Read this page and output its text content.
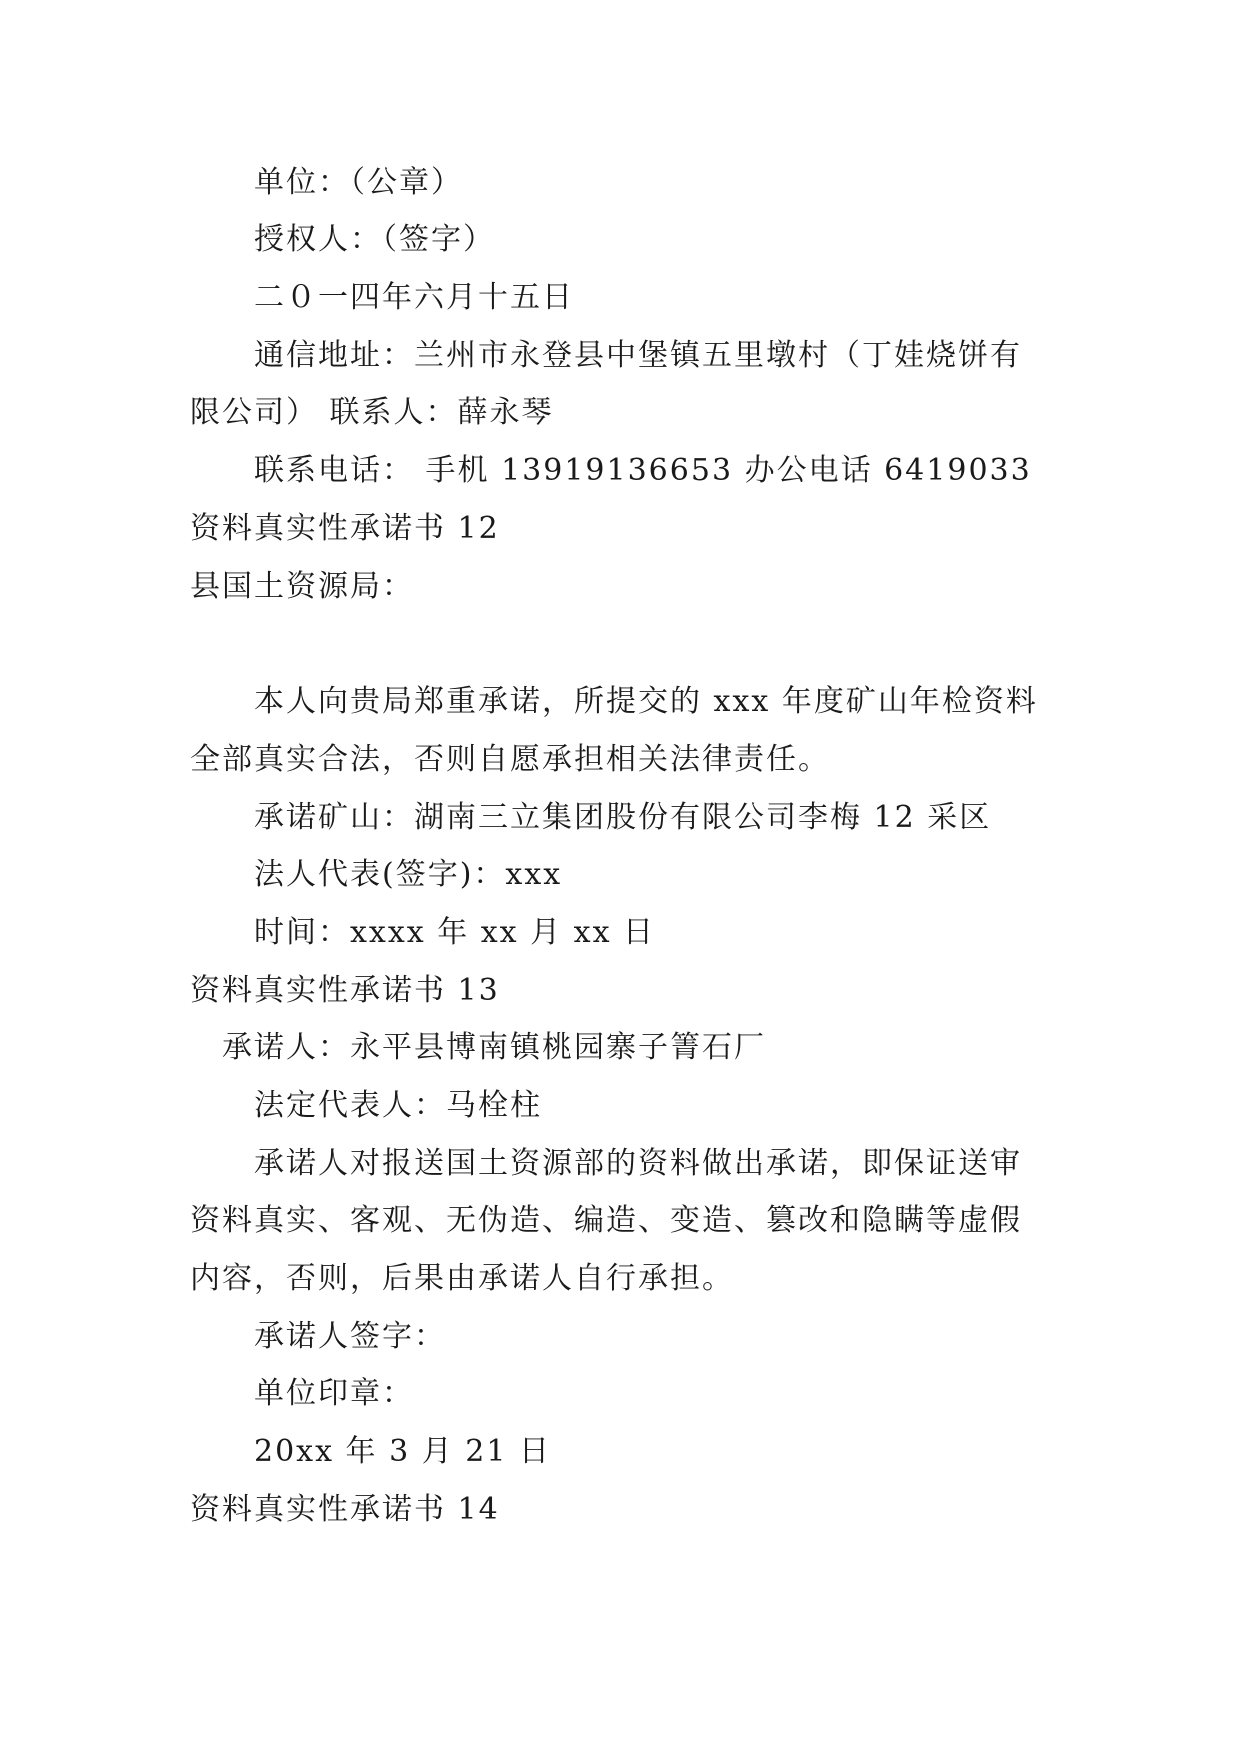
单位：（公章）
授权人：（签字）
二０一四年六月十五日
通信地址：兰州市永登县中堡镇五里墩村（丁娃烧饼有
限公司） 联系人：薛永琴
联系电话： 手机 13919136653 办公电话 6419033
资料真实性承诺书 12
县国土资源局：
本人向贵局郑重承诺，所提交的 xxx 年度矿山年检资料
全部真实合法，否则自愿承担相关法律责任。
承诺矿山：湖南三立集团股份有限公司李梅 12 采区
法人代表(签字)：xxx
时间：xxxx 年 xx 月 xx 日
资料真实性承诺书 13
承诺人：永平县博南镇桃园寨子箐石厂
法定代表人：马栓柱
承诺人对报送国土资源部的资料做出承诺，即保证送审
资料真实、客观、无伪造、编造、变造、篡改和隐瞒等虚假
内容，否则，后果由承诺人自行承担。
承诺人签字：
单位印章：
20xx 年 3 月 21 日
资料真实性承诺书 14
